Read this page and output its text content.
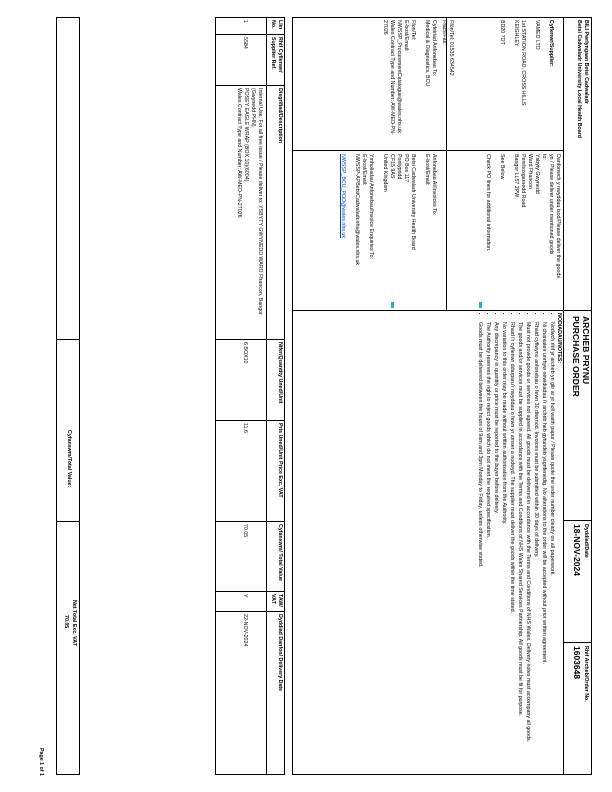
BILI Pwrlyngaan Betsi Cadwaladr
Betsi Cadwaladr University Local Health Board
ARCHEB PRYNU
PURCHASE ORDER
Dyddiad/Date
18-NOV-2024
Rhif Archeb/Order No.
1603648

Cyflenwr/Supplier:

VAMED LTD

1st STATION ROAD, CROSS HILLS
KEIGHLEY

BD20 7DT

Ffôn/Tel: 01535 634542
Ffacs/Fax:

Danfonwch y nwyddau isod/Please deliver the goods
yn / Please deliver under mentioned goods
to:
Ysbyty Gwynedd
Ward Ffrancon
Penrhosgarnedd Road
Bangor LL57 2PW

See Below

Check PO lines for additional information.

Cyfeiriad Anfonebau To:
Medical & Diagnostics, BCU

Ffon/Tel:
E-bost/Email:
NWSSP_ProcurementCatalogue@wales.nhs.uk
Wales Contract Type and Number: AW-MED-PN-
27026

Anfonebau At/Invoices To:
E-bost/Email:

Betsi Cadwaladr University Health Board
PO Box 117
Pontypridd
CF15 9AS
United Kingdom

Ymholiadau Anfonebau/Invoice Enquiries To:
E-bost/Email:
NWSSP-APBetsiCadwaladr.nhs@wales.nhs.uk

NWSSP_BCU_POD@wales.nhs.uk

NODIADAU/NOTES:
• Nodwch rhif yr archeb yn glir ar yr holl waith papur / Please quote the order number clearly on all paperwork.
• Ni chaniateir unrhyw newidiadau i'r archeb heb gytundeb ysgrifenedig. No alterations to the order will be accepted without prior written agreement.
• Rhaid cyflwyno anfonebau o fewn 30 diwrnod. Invoices must be submitted within 30 days of delivery.
• Must not provide goods or services not agreed. All goods must be delivered in accordance with the Terms and Conditions of NHS Wales. Delivery notes must accompany all goods.
• The goods and/or services must be supplied in accordance with the Terms and Conditions of NHS Wales Shared Services Partnership. All goods must be fit for purpose.
• Rhaid i'r cyflenwr ddarparu'r nwyddau o fewn yr amser a nodwyd. The supplier must deliver the goods within the time stated.
• No variation to this order may be made without written authorisation from the Authority.
• Any discrepancy in quantity or price must be reported to the buyer before delivery.
• The Authority reserves the right to reject goods which do not meet the required specification.
• Goods must be delivered between the hours of 9am and 3pm Monday to Friday, unless otherwise stated.
Llin No.
Rhif Cyflenwr/ Supplier Ref.
Disgrifiad/Description
Nifer/Quantity Uned/Unit
Pris Uned/Unit Price Exc. VAT
Cyfanswm/ Total Value
TAW/ VAT
Dyddiad Danfon/ Delivery Date
1
5584
Internal Use: For all free issue / Please deliver to: YSBYTY GWYNEDD WARD Ffrancon, Bangor
(Gwynedd PHN)
POSEY EAGLE WRAP (BOX 10)(6004)
Wales Contract Type and Number: AW-MED-PN-27026
6 BOX10
11.6
70.05
Y
22-NOV-2024
Cyfanswm/Total Value:
Net Total Exc. VAT
70.05
Page 1 of 1
